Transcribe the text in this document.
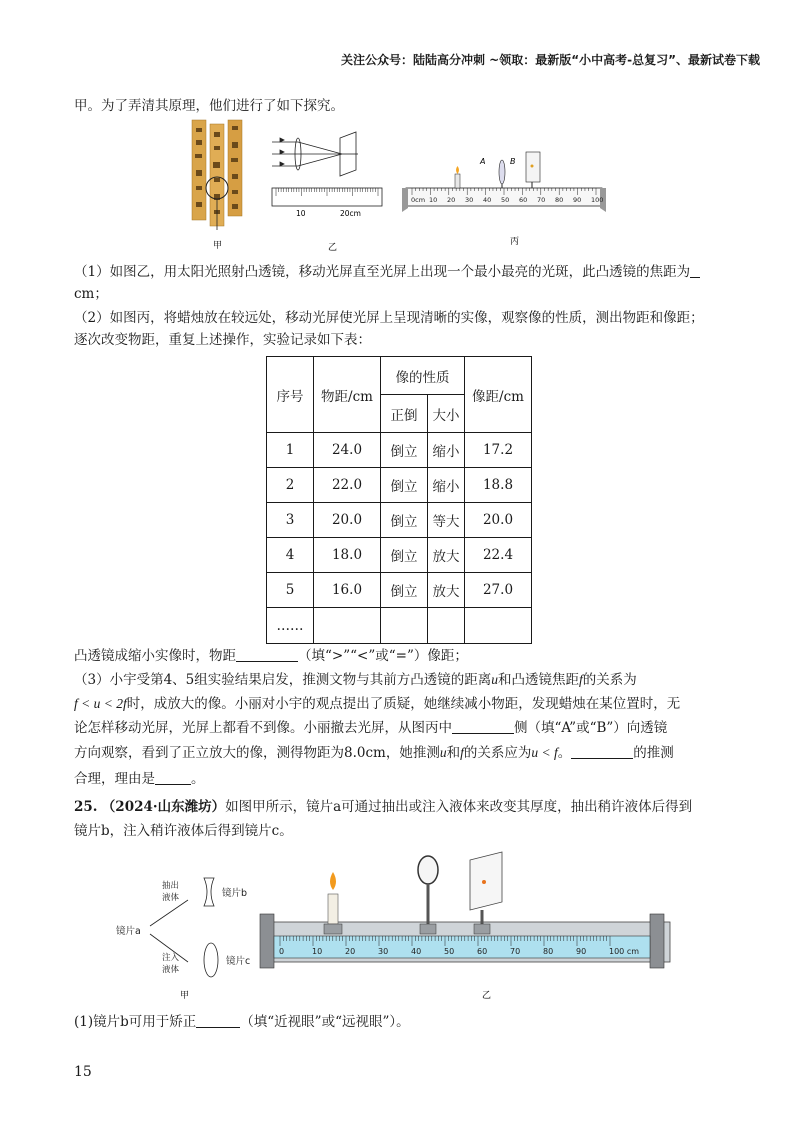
关注公众号：陆陆高分冲刺 ~领取：最新版“小中高考-总复习”、最新试卷下载
甲。为了弄清其原理，他们进行了如下探究。
甲
10	20cm
乙
0cm 10 20 30 40 50 60 70 80 90 100
A	B
丙
（1）如图乙，用太阳光照射凸透镜，移动光屏直至光屏上出现一个最小最亮的光斑，此凸透镜的焦距为
cm；
（2）如图丙，将蜡烛放在较远处，移动光屏使光屏上呈现清晰的实像，观察像的性质，测出物距和像距；
逐次改变物距，重复上述操作，实验记录如下表：
序号	物距/cm	像的性质		像距/cm
		正倒	大小	
1	24.0	倒立	缩小	17.2
2	22.0	倒立	缩小	18.8
3	20.0	倒立	等大	20.0
4	18.0	倒立	放大	22.4
5	16.0	倒立	放大	27.0
……				
凸透镜成缩小实像时，物距	（填“>”“<”或“=”）像距；
（3）小宇受第4、5组实验结果启发，推测文物与其前方凸透镜的距离u和凸透镜焦距f的关系为
f < u < 2f时，成放大的像。小丽对小宇的观点提出了质疑，她继续减小物距，发现蜡烛在某位置时，无
论怎样移动光屏，光屏上都看不到像。小丽撤去光屏，从图丙中	侧（填“A”或“B”）向透镜
方向观察，看到了正立放大的像，测得物距为8.0cm，她推测u和f的关系应为u < f。	的推测
合理，理由是	。
25. （2024·山东潍坊）如图甲所示，镜片a可通过抽出或注入液体来改变其厚度，抽出稍许液体后得到
镜片b，注入稍许液体后得到镜片c。
镜片a
抽出
液体
注入
液体
镜片b
镜片c
甲
0	10	20	30	40	50	60	70	80	90	100 cm
乙
(1)镜片b可用于矫正	（填“近视眼”或“远视眼”）。
15
